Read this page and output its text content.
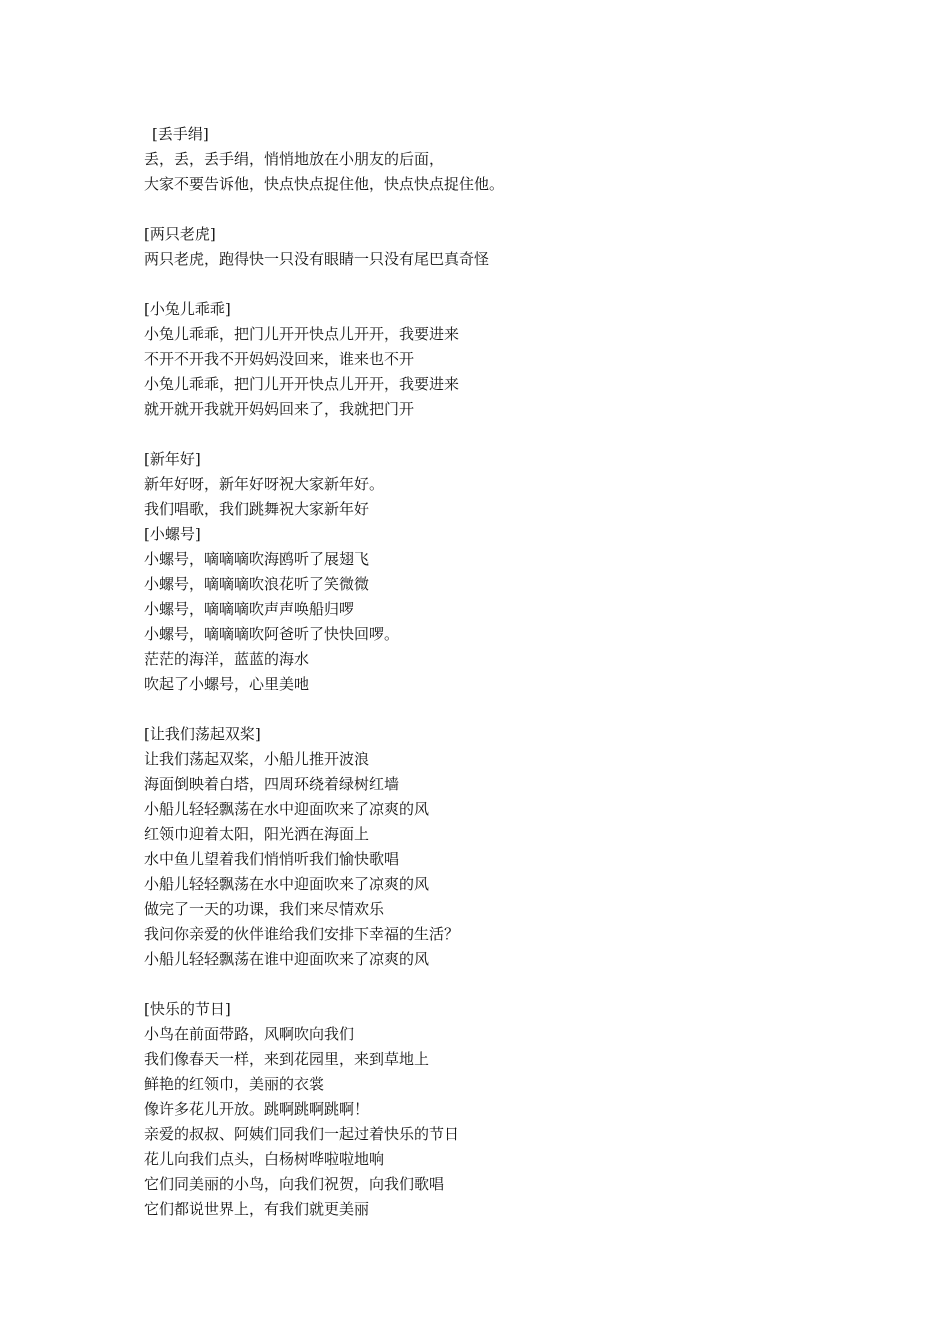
[丢手绢]
丢，丢，丢手绢，悄悄地放在小朋友的后面，
大家不要告诉他，快点快点捉住他，快点快点捉住他。
[两只老虎]
两只老虎，跑得快一只没有眼睛一只没有尾巴真奇怪
[小兔儿乖乖]
小兔儿乖乖，把门儿开开快点儿开开，我要进来
不开不开我不开妈妈没回来，谁来也不开
小兔儿乖乖，把门儿开开快点儿开开，我要进来
就开就开我就开妈妈回来了，我就把门开
[新年好]
新年好呀，新年好呀祝大家新年好。
我们唱歌，我们跳舞祝大家新年好
[小螺号]
小螺号，嘀嘀嘀吹海鸥听了展翅飞
小螺号，嘀嘀嘀吹浪花听了笑微微
小螺号，嘀嘀嘀吹声声唤船归啰
小螺号，嘀嘀嘀吹阿爸听了快快回啰。
茫茫的海洋，蓝蓝的海水
吹起了小螺号，心里美吔
[让我们荡起双桨]
让我们荡起双桨，小船儿推开波浪
海面倒映着白塔，四周环绕着绿树红墙
小船儿轻轻飘荡在水中迎面吹来了凉爽的风
红领巾迎着太阳，阳光洒在海面上
水中鱼儿望着我们悄悄听我们愉快歌唱
小船儿轻轻飘荡在水中迎面吹来了凉爽的风
做完了一天的功课，我们来尽情欢乐
我问你亲爱的伙伴谁给我们安排下幸福的生活？
小船儿轻轻飘荡在谁中迎面吹来了凉爽的风
[快乐的节日]
小鸟在前面带路，风啊吹向我们
我们像春天一样，来到花园里，来到草地上
鲜艳的红领巾，美丽的衣裳
像许多花儿开放。跳啊跳啊跳啊！
亲爱的叔叔、阿姨们同我们一起过着快乐的节日
花儿向我们点头，白杨树哗啦啦地响
它们同美丽的小鸟，向我们祝贺，向我们歌唱
它们都说世界上，有我们就更美丽
